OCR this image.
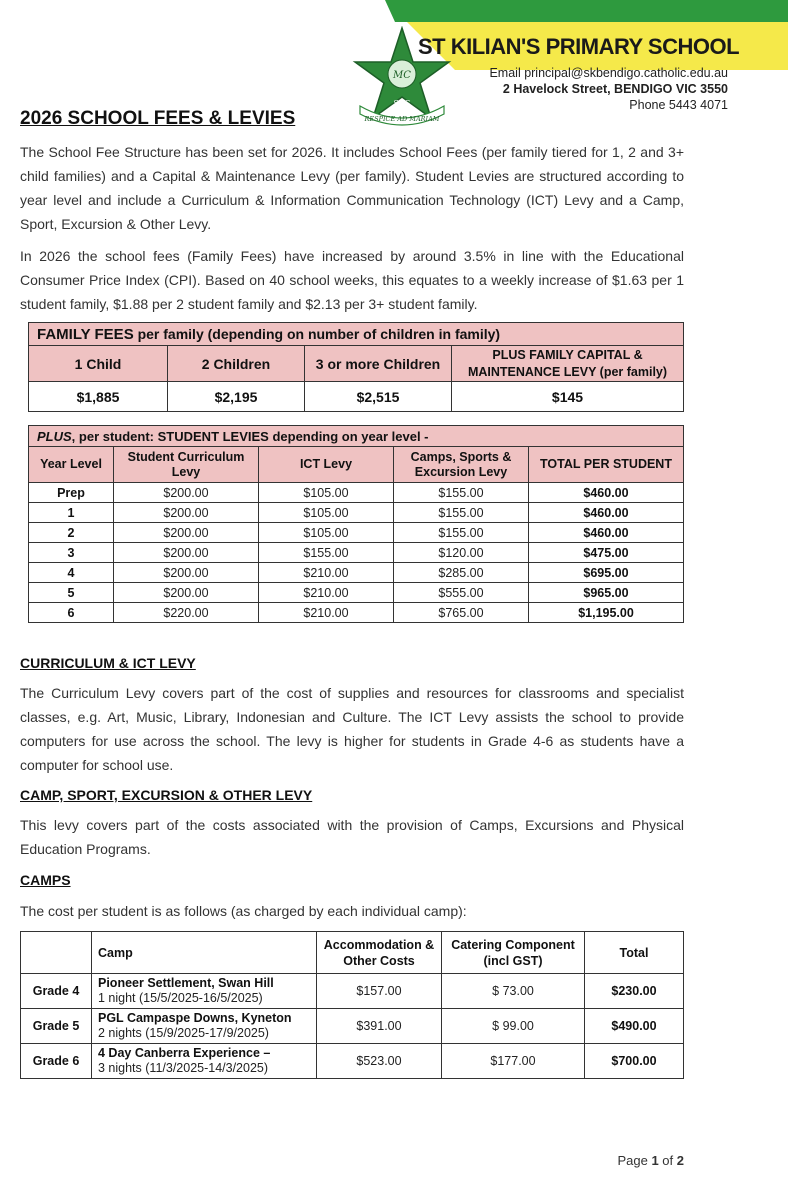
MC
SKS
RESPICE AD MARIAM
ST KILIAN'S PRIMARY SCHOOL
Email principal@skbendigo.catholic.edu.au
2 Havelock Street, BENDIGO VIC 3550
Phone 5443 4071
2026 SCHOOL FEES & LEVIES

The School Fee Structure has been set for 2026. It includes School Fees (per family tiered for 1, 2 and 3+ child families) and a Capital & Maintenance Levy (per family). Student Levies are structured according to year level and include a Curriculum & Information Communication Technology (ICT) Levy and a Camp, Sport, Excursion & Other Levy.

In 2026 the school fees (Family Fees) have increased by around 3.5% in line with the Educational Consumer Price Index (CPI). Based on 40 school weeks, this equates to a weekly increase of $1.63 per 1 student family, $1.88 per 2 student family and $2.13 per 3+ student family.

FAMILY FEES per family (depending on number of children in family)			
1 Child	2 Children	3 or more Children	PLUS FAMILY CAPITAL & MAINTENANCE LEVY (per family)
$1,885	$2,195	$2,515	$145
PLUS, per student: STUDENT LEVIES depending on year level -				
Year Level	Student Curriculum Levy	ICT Levy	Camps, Sports & Excursion Levy	TOTAL PER STUDENT
Prep	$200.00	$105.00	$155.00	$460.00
1	$200.00	$105.00	$155.00	$460.00
2	$200.00	$105.00	$155.00	$460.00
3	$200.00	$155.00	$120.00	$475.00
4	$200.00	$210.00	$285.00	$695.00
5	$200.00	$210.00	$555.00	$965.00
6	$220.00	$210.00	$765.00	$1,195.00
CURRICULUM & ICT LEVY

The Curriculum Levy covers part of the cost of supplies and resources for classrooms and specialist classes, e.g. Art, Music, Library, Indonesian and Culture. The ICT Levy assists the school to provide computers for use across the school. The levy is higher for students in Grade 4-6 as students have a computer for school use.

CAMP, SPORT, EXCURSION & OTHER LEVY

This levy covers part of the costs associated with the provision of Camps, Excursions and Physical Education Programs.

CAMPS

The cost per student is as follows (as charged by each individual camp):

	Camp	Accommodation & Other Costs	Catering Component (incl GST)	Total
Grade 4	Pioneer Settlement, Swan Hill
1 night (15/5/2025-16/5/2025)	$157.00	$ 73.00	$230.00
Grade 5	PGL Campaspe Downs, Kyneton
2 nights (15/9/2025-17/9/2025)	$391.00	$ 99.00	$490.00
Grade 6	4 Day Canberra Experience –
3 nights (11/3/2025-14/3/2025)	$523.00	$177.00	$700.00
Page 1 of 2
